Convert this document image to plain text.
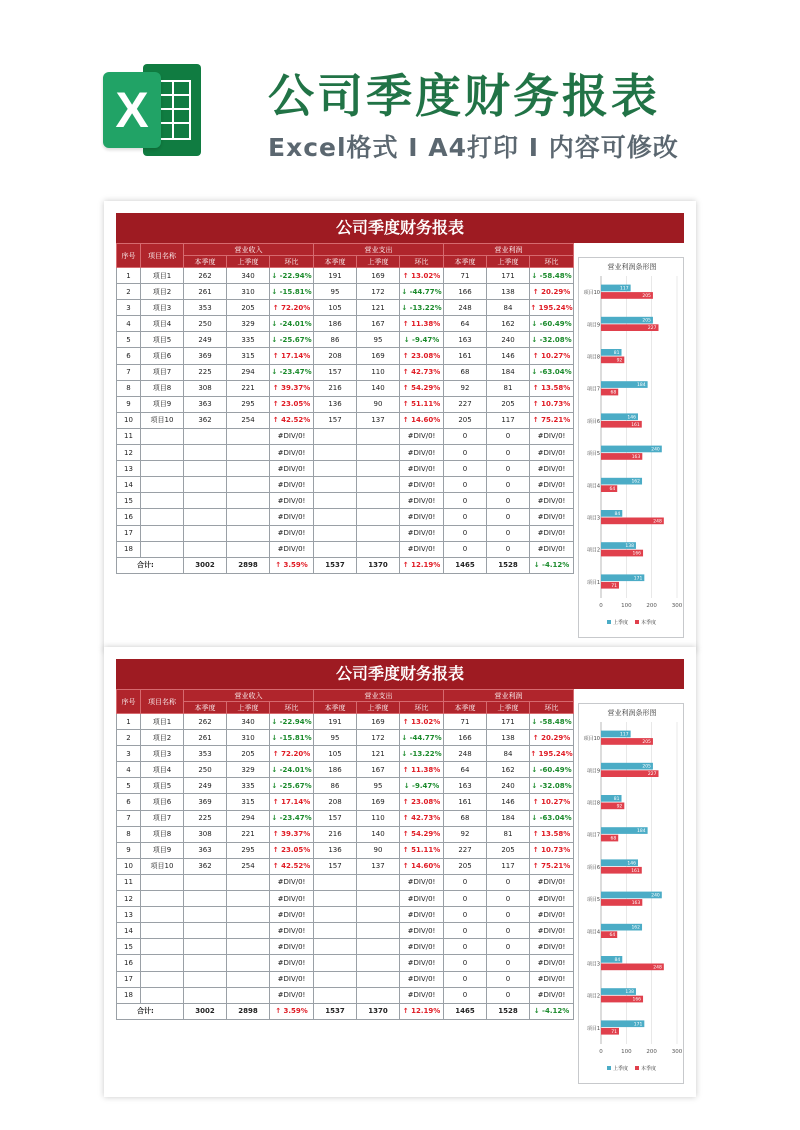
X	公司季度财务报表
Excel格式 I A4打印 I 内容可修改
公司季度财务报表
序号	项目名称	营业收入			营业支出			营业利润		
		本季度	上季度	环比	本季度	上季度	环比	本季度	上季度	环比
1	项目1	262	340	↓ -22.94%	191	169	↑ 13.02%	71	171	↓ -58.48%
2	项目2	261	310	↓ -15.81%	95	172	↓ -44.77%	166	138	↑ 20.29%
3	项目3	353	205	↑ 72.20%	105	121	↓ -13.22%	248	84	↑ 195.24%
4	项目4	250	329	↓ -24.01%	186	167	↑ 11.38%	64	162	↓ -60.49%
5	项目5	249	335	↓ -25.67%	86	95	↓ -9.47%	163	240	↓ -32.08%
6	项目6	369	315	↑ 17.14%	208	169	↑ 23.08%	161	146	↑ 10.27%
7	项目7	225	294	↓ -23.47%	157	110	↑ 42.73%	68	184	↓ -63.04%
8	项目8	308	221	↑ 39.37%	216	140	↑ 54.29%	92	81	↑ 13.58%
9	项目9	363	295	↑ 23.05%	136	90	↑ 51.11%	227	205	↑ 10.73%
10	项目10	362	254	↑ 42.52%	157	137	↑ 14.60%	205	117	↑ 75.21%
11				#DIV/0!			#DIV/0!	0	0	#DIV/0!
12				#DIV/0!			#DIV/0!	0	0	#DIV/0!
13				#DIV/0!			#DIV/0!	0	0	#DIV/0!
14				#DIV/0!			#DIV/0!	0	0	#DIV/0!
15				#DIV/0!			#DIV/0!	0	0	#DIV/0!
16				#DIV/0!			#DIV/0!	0	0	#DIV/0!
17				#DIV/0!			#DIV/0!	0	0	#DIV/0!
18				#DIV/0!			#DIV/0!	0	0	#DIV/0!
合计:		3002	2898	↑ 3.59%	1537	1370	↑ 12.19%	1465	1528	↓ -4.12%
营业利润条形图
0	100	200	300
117
205
项目10
205
227
项目9
81
92
项目8
184
68
项目7
146
161
项目6
240
163
项目5
162
64
项目4
84
248
项目3
138
166
项目2
171
71
项目1
上季度	本季度
公司季度财务报表
序号	项目名称	营业收入			营业支出			营业利润		
		本季度	上季度	环比	本季度	上季度	环比	本季度	上季度	环比
1	项目1	262	340	↓ -22.94%	191	169	↑ 13.02%	71	171	↓ -58.48%
2	项目2	261	310	↓ -15.81%	95	172	↓ -44.77%	166	138	↑ 20.29%
3	项目3	353	205	↑ 72.20%	105	121	↓ -13.22%	248	84	↑ 195.24%
4	项目4	250	329	↓ -24.01%	186	167	↑ 11.38%	64	162	↓ -60.49%
5	项目5	249	335	↓ -25.67%	86	95	↓ -9.47%	163	240	↓ -32.08%
6	项目6	369	315	↑ 17.14%	208	169	↑ 23.08%	161	146	↑ 10.27%
7	项目7	225	294	↓ -23.47%	157	110	↑ 42.73%	68	184	↓ -63.04%
8	项目8	308	221	↑ 39.37%	216	140	↑ 54.29%	92	81	↑ 13.58%
9	项目9	363	295	↑ 23.05%	136	90	↑ 51.11%	227	205	↑ 10.73%
10	项目10	362	254	↑ 42.52%	157	137	↑ 14.60%	205	117	↑ 75.21%
11				#DIV/0!			#DIV/0!	0	0	#DIV/0!
12				#DIV/0!			#DIV/0!	0	0	#DIV/0!
13				#DIV/0!			#DIV/0!	0	0	#DIV/0!
14				#DIV/0!			#DIV/0!	0	0	#DIV/0!
15				#DIV/0!			#DIV/0!	0	0	#DIV/0!
16				#DIV/0!			#DIV/0!	0	0	#DIV/0!
17				#DIV/0!			#DIV/0!	0	0	#DIV/0!
18				#DIV/0!			#DIV/0!	0	0	#DIV/0!
合计:		3002	2898	↑ 3.59%	1537	1370	↑ 12.19%	1465	1528	↓ -4.12%
营业利润条形图
0	100	200	300
117
205
项目10
205
227
项目9
81
92
项目8
184
68
项目7
146
161
项目6
240
163
项目5
162
64
项目4
84
248
项目3
138
166
项目2
171
71
项目1
上季度	本季度
